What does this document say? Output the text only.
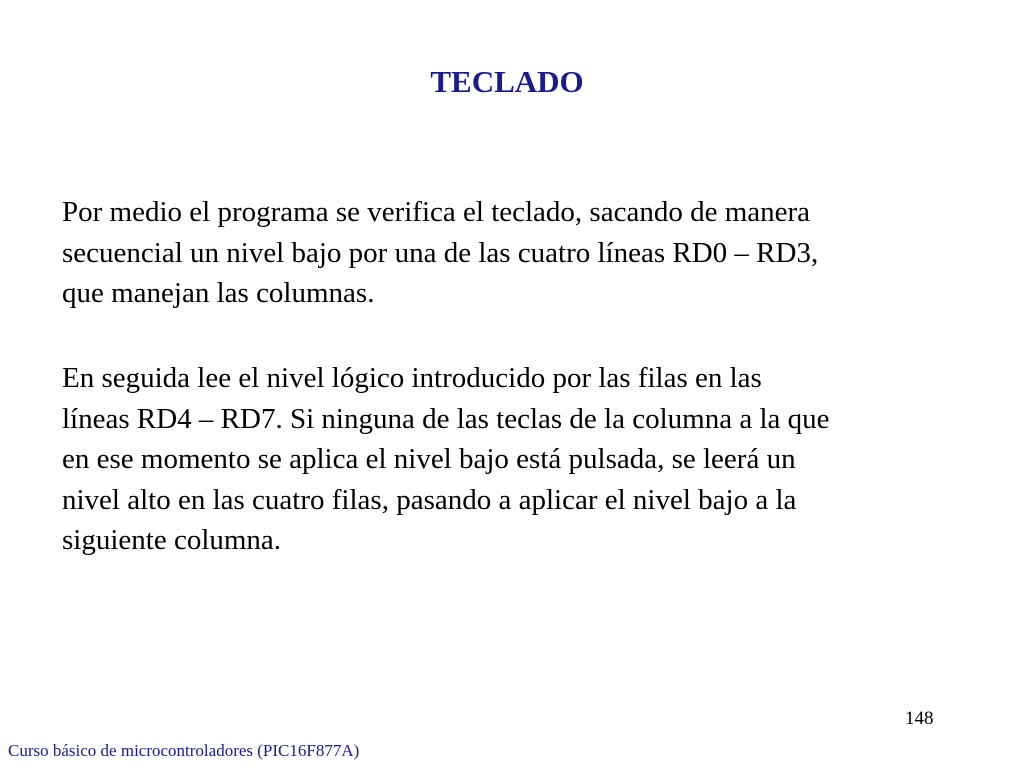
TECLADO

Por medio el programa se verifica el teclado, sacando de manera
secuencial un nivel bajo por una de las cuatro líneas RD0 – RD3,
que manejan las columnas.

En seguida lee el nivel lógico introducido por las filas en las
líneas RD4 – RD7. Si ninguna de las teclas de la columna a la que
en ese momento se aplica el nivel bajo está pulsada, se leerá un
nivel alto en las cuatro filas, pasando a aplicar el nivel bajo a la
siguiente columna.

148
Curso básico de microcontroladores (PIC16F877A)
